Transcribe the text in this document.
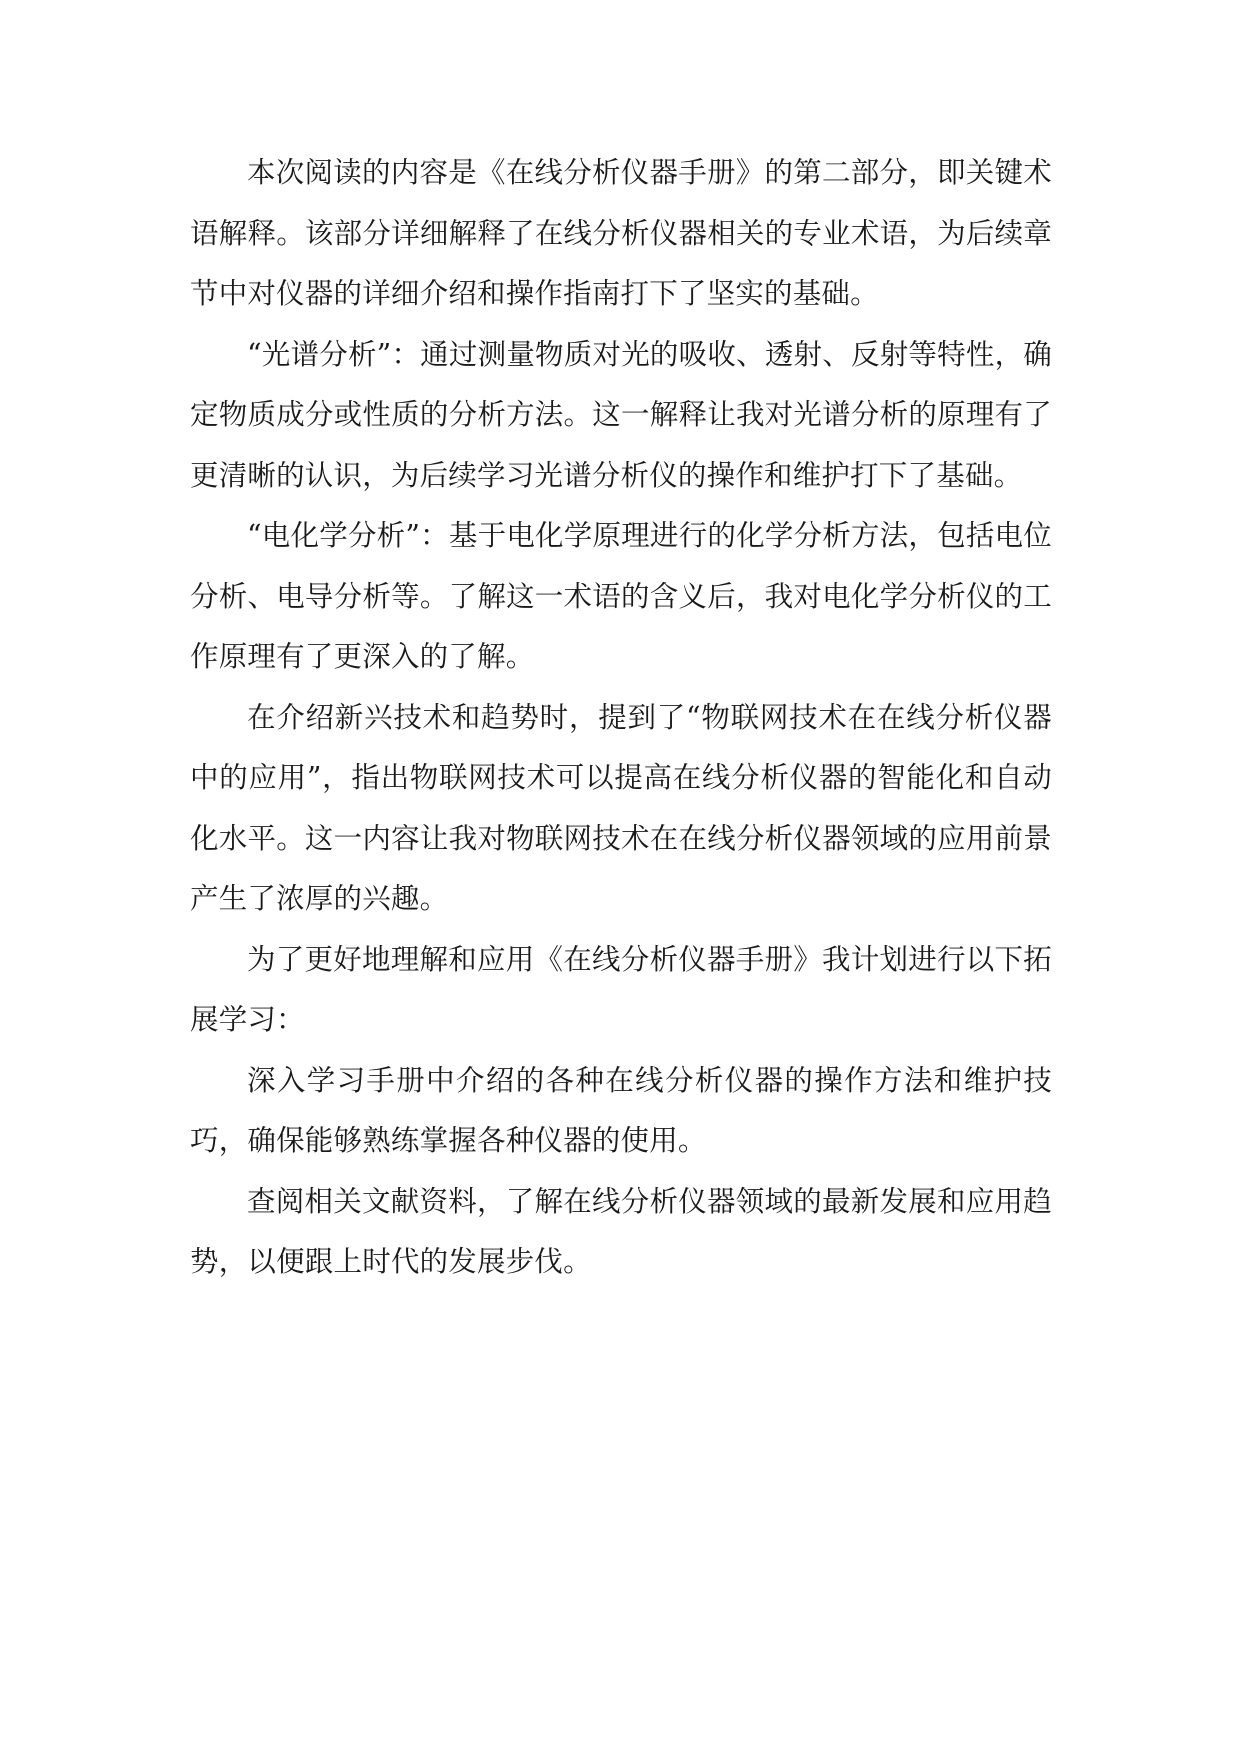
本次阅读的内容是《在线分析仪器手册》的第二部分，即关键术语解释。该部分详细解释了在线分析仪器相关的专业术语，为后续章节中对仪器的详细介绍和操作指南打下了坚实的基础。

“光谱分析”：通过测量物质对光的吸收、透射、反射等特性，确定物质成分或性质的分析方法。这一解释让我对光谱分析的原理有了更清晰的认识，为后续学习光谱分析仪的操作和维护打下了基础。

“电化学分析”：基于电化学原理进行的化学分析方法，包括电位分析、电导分析等。了解这一术语的含义后，我对电化学分析仪的工作原理有了更深入的了解。

在介绍新兴技术和趋势时，提到了“物联网技术在在线分析仪器中的应用”，指出物联网技术可以提高在线分析仪器的智能化和自动化水平。这一内容让我对物联网技术在在线分析仪器领域的应用前景产生了浓厚的兴趣。

为了更好地理解和应用《在线分析仪器手册》我计划进行以下拓展学习：

深入学习手册中介绍的各种在线分析仪器的操作方法和维护技巧，确保能够熟练掌握各种仪器的使用。

查阅相关文献资料，了解在线分析仪器领域的最新发展和应用趋势，以便跟上时代的发展步伐。
